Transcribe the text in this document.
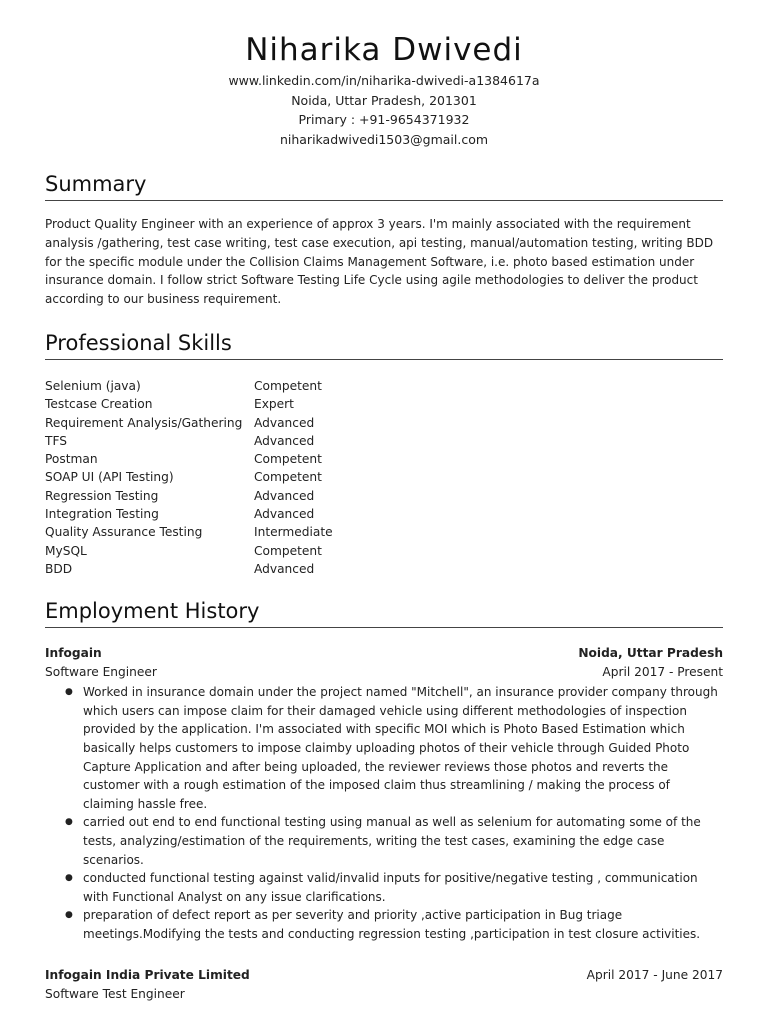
Niharika Dwivedi
www.linkedin.com/in/niharika-dwivedi-a1384617a
Noida, Uttar Pradesh, 201301
Primary : +91-9654371932
niharikadwivedi1503@gmail.com
Summary
Product Quality Engineer with an experience of approx 3 years. I'm mainly associated with the requirement analysis /gathering, test case writing, test case execution, api testing, manual/automation testing, writing BDD for the specific module under the Collision Claims Management Software, i.e. photo based estimation under insurance domain. I follow strict Software Testing Life Cycle using agile methodologies to deliver the product according to our business requirement.
Professional Skills
Selenium (java)	Competent
Testcase Creation	Expert
Requirement Analysis/Gathering Advanced
TFS	Advanced
Postman	Competent
SOAP UI (API Testing)	Competent
Regression Testing	Advanced
Integration Testing	Advanced
Quality Assurance Testing	Intermediate
MySQL	Competent
BDD	Advanced
Employment History
Infogain	Noida, Uttar Pradesh
Software Engineer	April 2017 - Present
● Worked in insurance domain under the project named "Mitchell", an insurance provider company through which users can impose claim for their damaged vehicle using different methodologies of inspection provided by the application. I'm associated with specific MOI which is Photo Based Estimation which basically helps customers to impose claimby uploading photos of their vehicle through Guided Photo Capture Application and after being uploaded, the reviewer reviews those photos and reverts the customer with a rough estimation of the imposed claim thus streamlining / making the process of claiming hassle free.
● carried out end to end functional testing using manual as well as selenium for automating some of the tests, analyzing/estimation of the requirements, writing the test cases, examining the edge case scenarios.
● conducted functional testing against valid/invalid inputs for positive/negative testing , communication with Functional Analyst on any issue clarifications.
● preparation of defect report as per severity and priority ,active participation in Bug triage meetings.Modifying the tests and conducting regression testing ,participation in test closure activities.
Infogain India Private Limited	April 2017 - June 2017
Software Test Engineer
